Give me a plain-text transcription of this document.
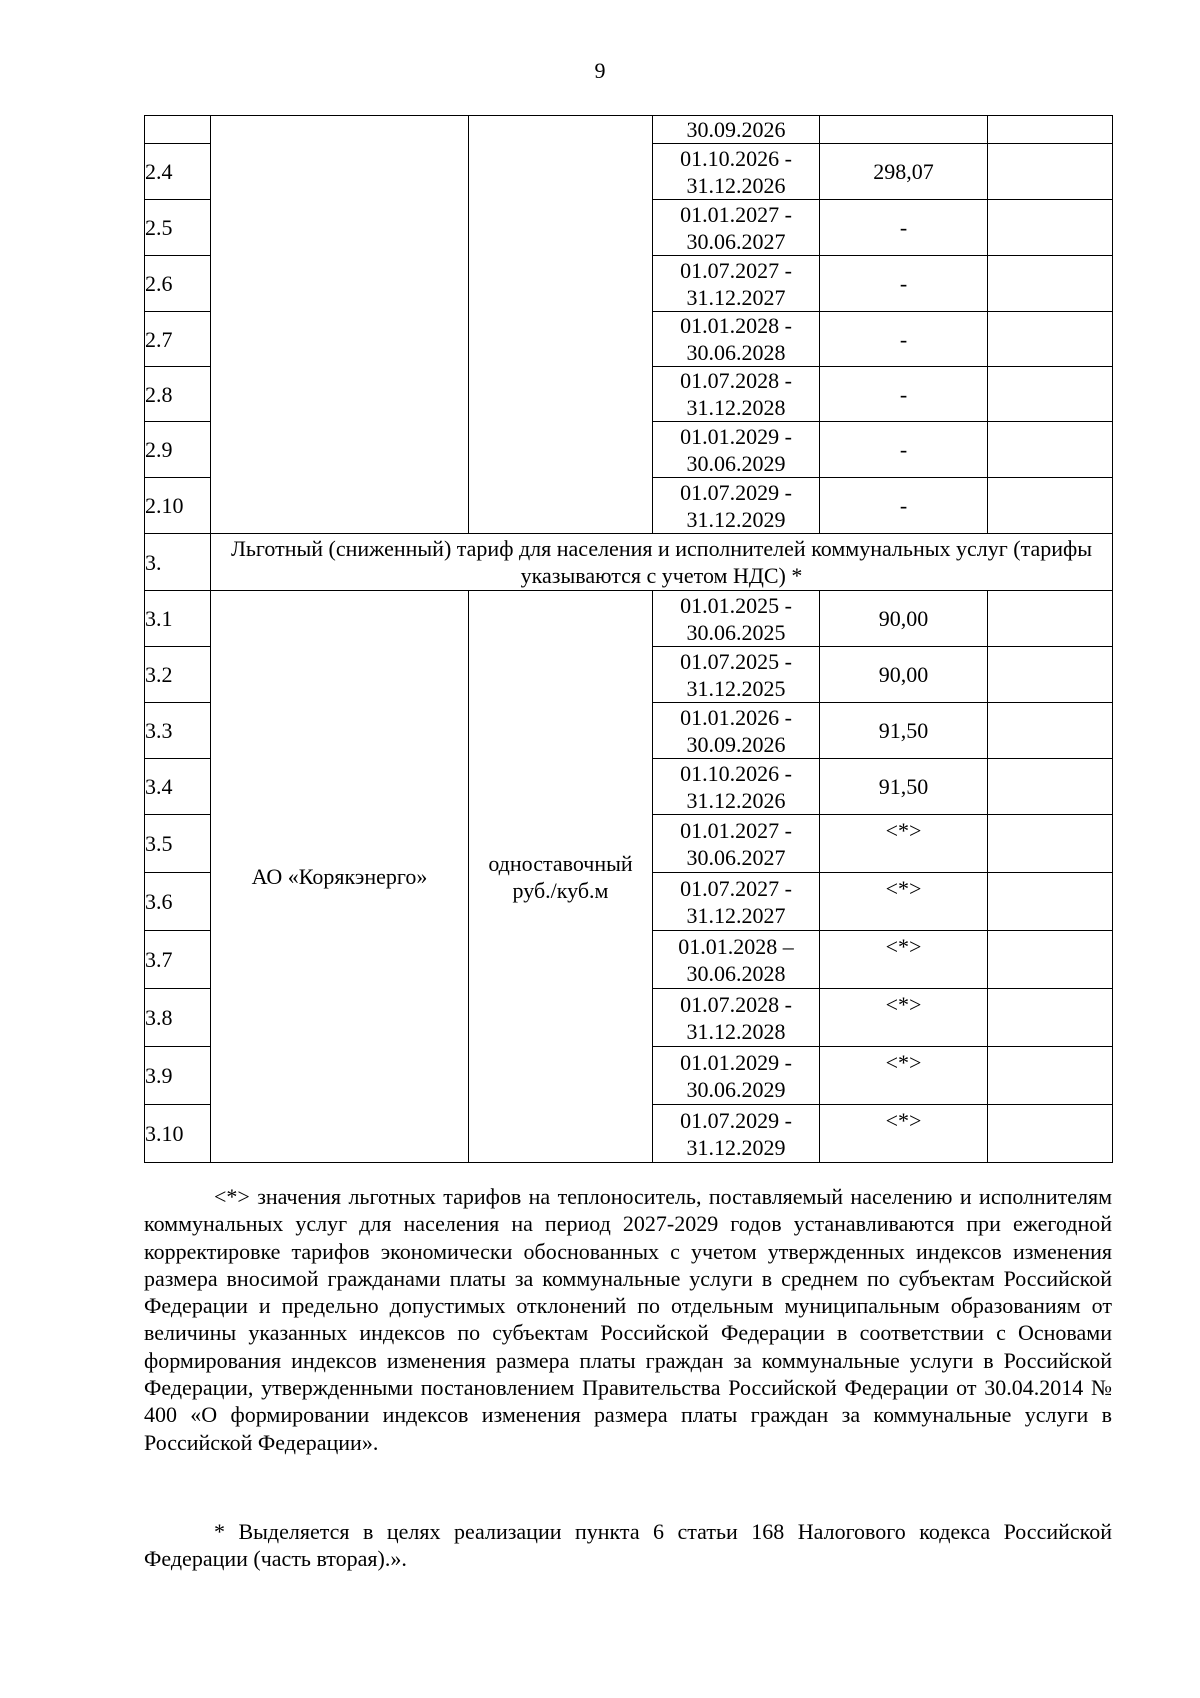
9
			30.09.2026		
2.4			01.10.2026 - 31.12.2026	298,07	
2.5			01.01.2027 - 30.06.2027	-	
2.6			01.07.2027 - 31.12.2027	-	
2.7			01.01.2028 - 30.06.2028	-	
2.8			01.07.2028 - 31.12.2028	-	
2.9			01.01.2029 - 30.06.2029	-	
2.10			01.07.2029 - 31.12.2029	-	
3.	Льготный (сниженный) тариф для населения и исполнителей коммунальных услуг (тарифы указываются с учетом НДС) *				
3.1	АО «Корякэнерго»	одноставочный руб./куб.м	01.01.2025 - 30.06.2025	90,00	
3.2			01.07.2025 - 31.12.2025	90,00	
3.3			01.01.2026 - 30.09.2026	91,50	
3.4			01.10.2026 - 31.12.2026	91,50	
3.5			01.01.2027 - 30.06.2027	<*>	
3.6			01.07.2027 - 31.12.2027	<*>	
3.7			01.01.2028 – 30.06.2028	<*>	
3.8			01.07.2028 - 31.12.2028	<*>	
3.9			01.01.2029 - 30.06.2029	<*>	
3.10			01.07.2029 - 31.12.2029	<*>	

<*> значения льготных тарифов на теплоноситель, поставляемый населению и исполнителям коммунальных услуг для населения на период 2027-2029 годов устанавливаются при ежегодной корректировке тарифов экономически обоснованных с учетом утвержденных индексов изменения размера вносимой гражданами платы за коммунальные услуги в среднем по субъектам Российской Федерации и предельно допустимых отклонений по отдельным муниципальным образованиям от величины указанных индексов по субъектам Российской Федерации в соответствии с Основами формирования индексов изменения размера платы граждан за коммунальные услуги в Российской Федерации, утвержденными постановлением Правительства Российской Федерации от 30.04.2014 № 400 «О формировании индексов изменения размера платы граждан за коммунальные услуги в Российской Федерации».

* Выделяется в целях реализации пункта 6 статьи 168 Налогового кодекса Российской Федерации (часть вторая).».
